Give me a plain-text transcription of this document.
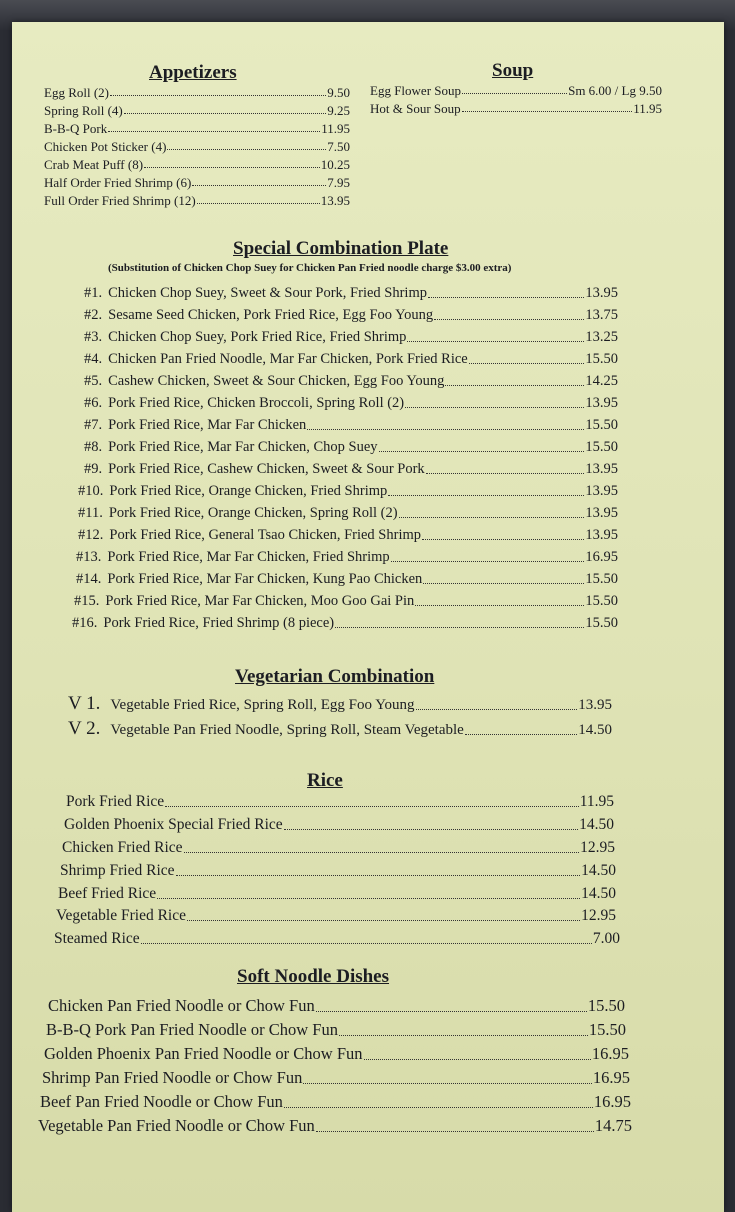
Appetizers
Egg Roll (2)	9.50
Spring Roll (4)	9.25
B-B-Q Pork	11.95
Chicken Pot Sticker (4)	7.50
Crab Meat Puff (8)	10.25
Half Order Fried Shrimp (6)	7.95
Full Order Fried Shrimp (12)	13.95
Soup
Egg Flower Soup	Sm 6.00 / Lg 9.50
Hot & Sour Soup	11.95
Special Combination Plate
(Substitution of Chicken Chop Suey for Chicken Pan Fried noodle charge $3.00 extra)
#1. Chicken Chop Suey, Sweet & Sour Pork, Fried Shrimp	13.95
#2. Sesame Seed Chicken, Pork Fried Rice, Egg Foo Young	13.75
#3. Chicken Chop Suey, Pork Fried Rice, Fried Shrimp	13.25
#4. Chicken Pan Fried Noodle, Mar Far Chicken, Pork Fried Rice	15.50
#5. Cashew Chicken, Sweet & Sour Chicken, Egg Foo Young	14.25
#6. Pork Fried Rice, Chicken Broccoli, Spring Roll (2)	13.95
#7. Pork Fried Rice, Mar Far Chicken	15.50
#8. Pork Fried Rice, Mar Far Chicken, Chop Suey	15.50
#9. Pork Fried Rice, Cashew Chicken, Sweet & Sour Pork	13.95
#10. Pork Fried Rice, Orange Chicken, Fried Shrimp	13.95
#11. Pork Fried Rice, Orange Chicken, Spring Roll (2)	13.95
#12. Pork Fried Rice, General Tsao Chicken, Fried Shrimp	13.95
#13. Pork Fried Rice, Mar Far Chicken, Fried Shrimp	16.95
#14. Pork Fried Rice, Mar Far Chicken, Kung Pao Chicken	15.50
#15. Pork Fried Rice, Mar Far Chicken, Moo Goo Gai Pin	15.50
#16. Pork Fried Rice, Fried Shrimp (8 piece)	15.50
Vegetarian Combination
V 1. Vegetable Fried Rice, Spring Roll, Egg Foo Young	13.95
V 2. Vegetable Pan Fried Noodle, Spring Roll, Steam Vegetable	14.50
Rice
Pork Fried Rice	11.95
Golden Phoenix Special Fried Rice	14.50
Chicken Fried Rice	12.95
Shrimp Fried Rice	14.50
Beef Fried Rice	14.50
Vegetable Fried Rice	12.95
Steamed Rice	7.00
Soft Noodle Dishes
Chicken Pan Fried Noodle or Chow Fun	15.50
B-B-Q Pork Pan Fried Noodle or Chow Fun	15.50
Golden Phoenix Pan Fried Noodle or Chow Fun	16.95
Shrimp Pan Fried Noodle or Chow Fun	16.95
Beef Pan Fried Noodle or Chow Fun	16.95
Vegetable Pan Fried Noodle or Chow Fun	14.75
